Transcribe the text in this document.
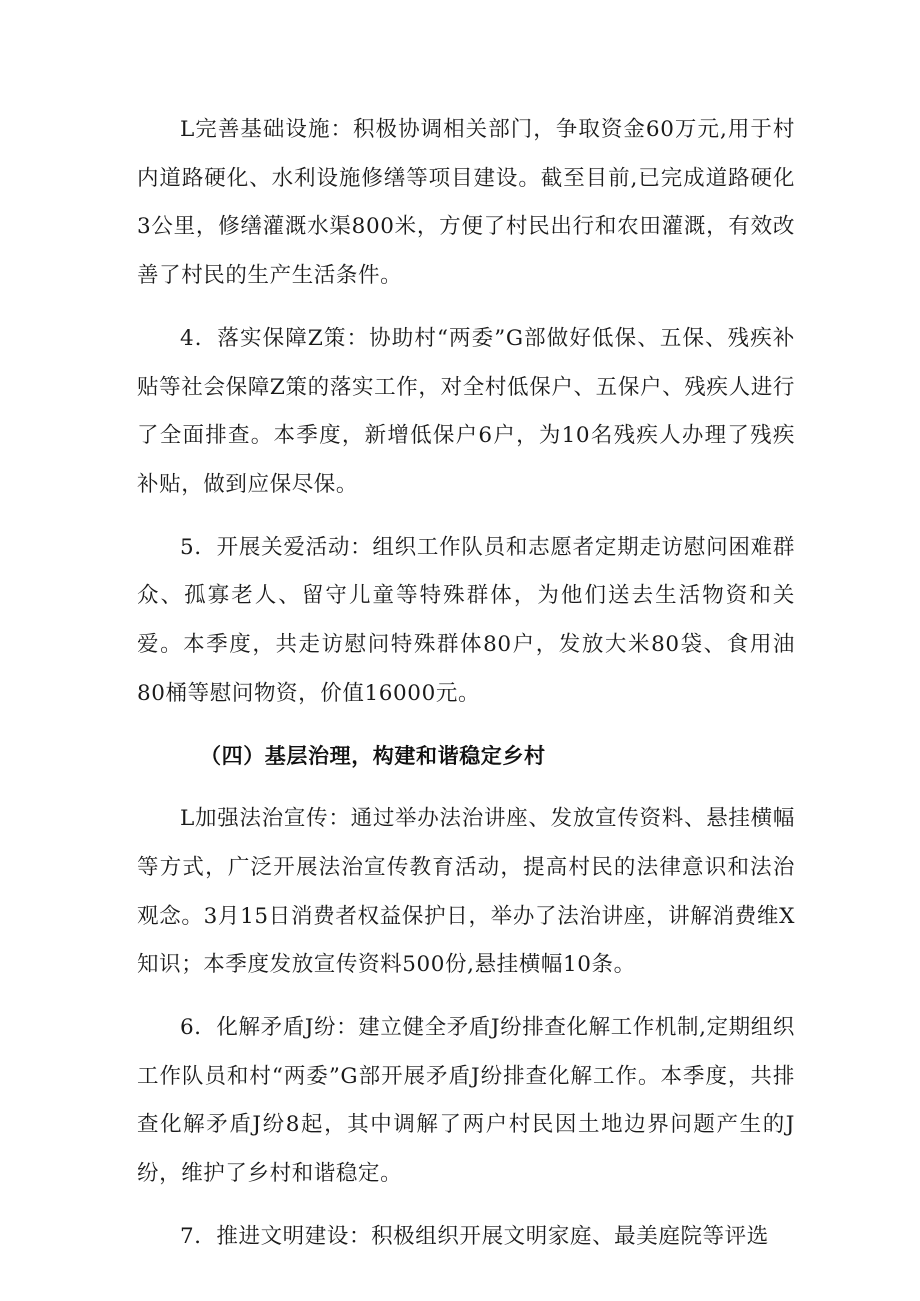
L完善基础设施：积极协调相关部门，争取资金60万元,用于村内道路硬化、水利设施修缮等项目建设。截至目前,已完成道路硬化3公里，修缮灌溉水渠800米，方便了村民出行和农田灌溉，有效改善了村民的生产生活条件。

4．落实保障Z策：协助村“两委”G部做好低保、五保、残疾补贴等社会保障Z策的落实工作，对全村低保户、五保户、残疾人进行了全面排查。本季度，新增低保户6户，为10名残疾人办理了残疾补贴，做到应保尽保。

5．开展关爱活动：组织工作队员和志愿者定期走访慰问困难群众、孤寡老人、留守儿童等特殊群体，为他们送去生活物资和关爱。本季度，共走访慰问特殊群体80户，发放大米80袋、食用油80桶等慰问物资，价值16000元。

（四）基层治理，构建和谐稳定乡村

L加强法治宣传：通过举办法治讲座、发放宣传资料、悬挂横幅等方式，广泛开展法治宣传教育活动，提高村民的法律意识和法治观念。3月15日消费者权益保护日，举办了法治讲座，讲解消费维X知识；本季度发放宣传资料500份,悬挂横幅10条。

6．化解矛盾J纷：建立健全矛盾J纷排查化解工作机制,定期组织工作队员和村“两委”G部开展矛盾J纷排查化解工作。本季度，共排查化解矛盾J纷8起，其中调解了两户村民因土地边界问题产生的J纷，维护了乡村和谐稳定。

7．推进文明建设：积极组织开展文明家庭、最美庭院等评选
